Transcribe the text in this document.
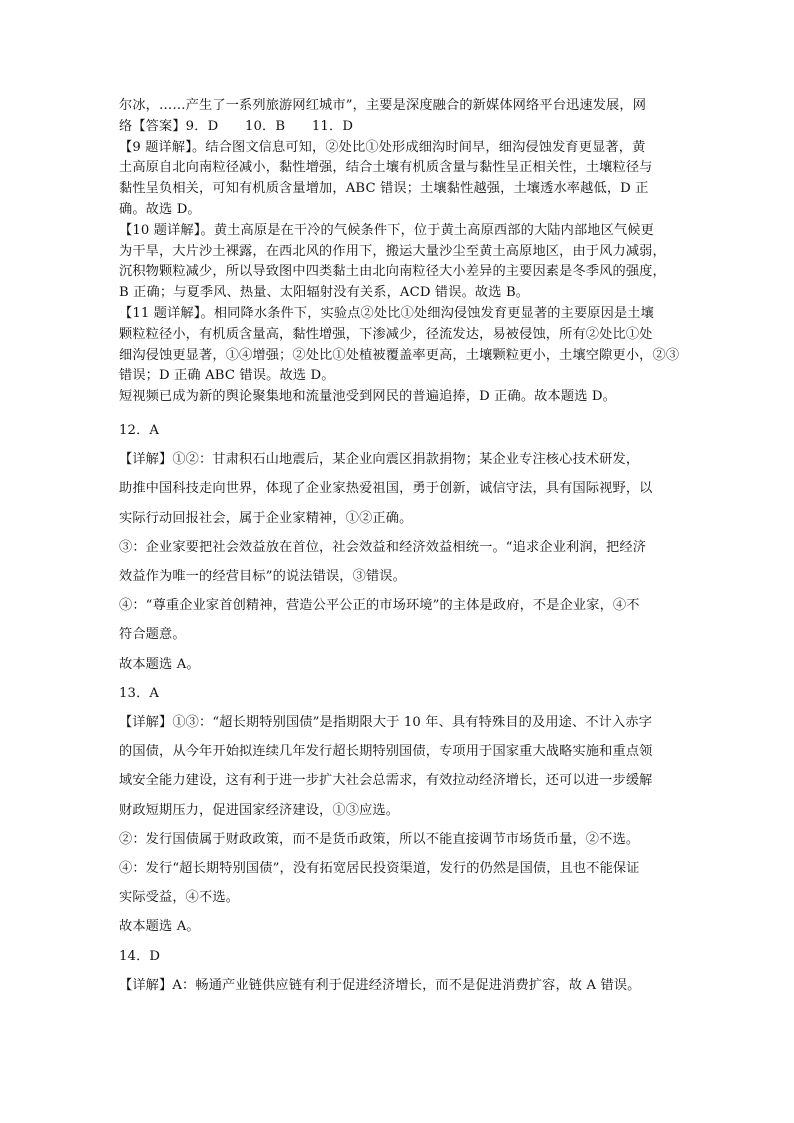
尔冰，……产生了一系列旅游网红城市”，主要是深度融合的新媒体网络平台迅速发展，网

络【答案】9．D　　10．B　　11．D

【9 题详解】。结合图文信息可知，②处比①处形成细沟时间早，细沟侵蚀发育更显著，黄

土高原自北向南粒径减小，黏性增强，结合土壤有机质含量与黏性呈正相关性，土壤粒径与

黏性呈负相关，可知有机质含量增加，ABC 错误；土壤黏性越强，土壤透水率越低，D 正

确。故选 D。

【10 题详解】。黄土高原是在干冷的气候条件下，位于黄土高原西部的大陆内部地区气候更

为干旱，大片沙土裸露，在西北风的作用下，搬运大量沙尘至黄土高原地区，由于风力减弱，

沉积物颗粒减少，所以导致图中四类黏土由北向南粒径大小差异的主要因素是冬季风的强度，

B 正确；与夏季风、热量、太阳辐射没有关系，ACD 错误。故选 B。

【11 题详解】。相同降水条件下，实验点②处比①处细沟侵蚀发育更显著的主要原因是土壤

颗粒粒径小，有机质含量高，黏性增强，下渗减少，径流发达，易被侵蚀，所有②处比①处

细沟侵蚀更显著，①④增强；②处比①处植被覆盖率更高，土壤颗粒更小，土壤空隙更小，②③

错误；D 正确 ABC 错误。故选 D。

短视频已成为新的舆论聚集地和流量池受到网民的普遍追捧，D 正确。故本题选 D。

12．A

【详解】①②：甘肃积石山地震后，某企业向震区捐款捐物；某企业专注核心技术研发，

助推中国科技走向世界，体现了企业家热爱祖国，勇于创新，诚信守法，具有国际视野，以

实际行动回报社会，属于企业家精神，①②正确。

③：企业家要把社会效益放在首位，社会效益和经济效益相统一。“追求企业利润，把经济

效益作为唯一的经营目标”的说法错误，③错误。

④：“尊重企业家首创精神，营造公平公正的市场环境”的主体是政府，不是企业家，④不

符合题意。

故本题选 A。

13．A

【详解】①③：“超长期特别国债”是指期限大于 10 年、具有特殊目的及用途、不计入赤字

的国债，从今年开始拟连续几年发行超长期特别国债，专项用于国家重大战略实施和重点领

域安全能力建设，这有利于进一步扩大社会总需求，有效拉动经济增长，还可以进一步缓解

财政短期压力，促进国家经济建设，①③应选。

②：发行国债属于财政政策，而不是货币政策，所以不能直接调节市场货币量，②不选。

④：发行“超长期特别国债”，没有拓宽居民投资渠道，发行的仍然是国债，且也不能保证

实际受益，④不选。

故本题选 A。

14．D

【详解】A：畅通产业链供应链有利于促进经济增长，而不是促进消费扩容，故 A 错误。
